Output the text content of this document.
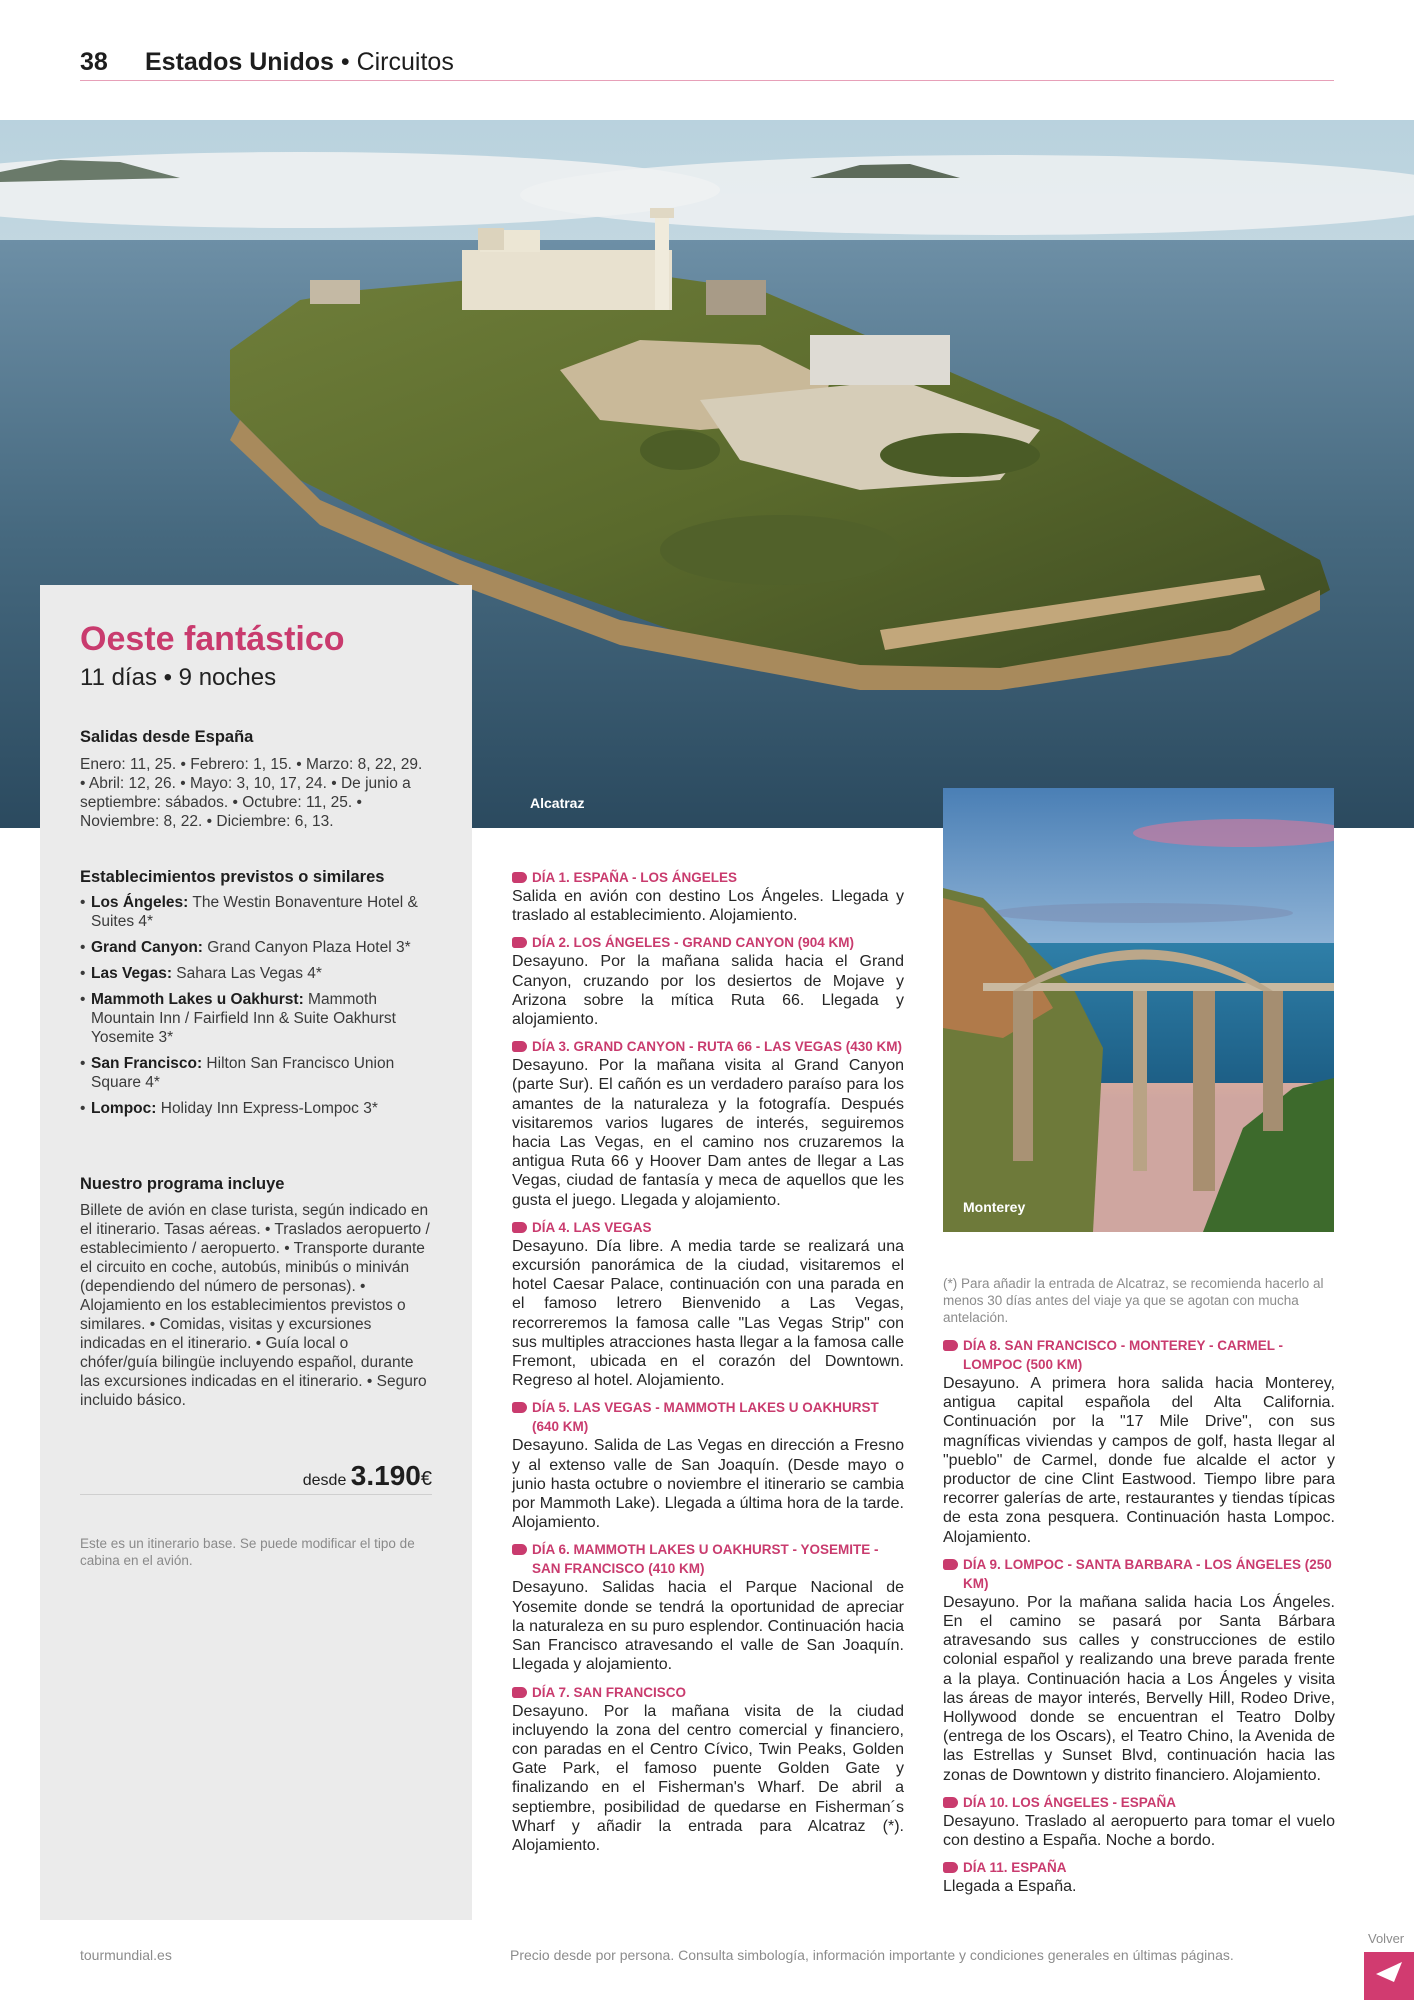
38 Estados Unidos • Circuitos
Alcatraz
Oeste fantástico
11 días • 9 noches
Salidas desde España
Enero: 11, 25. • Febrero: 1, 15. • Marzo: 8, 22, 29. • Abril: 12, 26. • Mayo: 3, 10, 17, 24. • De junio a septiembre: sábados. • Octubre: 11, 25. • Noviembre: 8, 22. • Diciembre: 6, 13.
Establecimientos previstos o similares
• Los Ángeles: The Westin Bonaventure Hotel & Suites 4*
• Grand Canyon: Grand Canyon Plaza Hotel 3*
• Las Vegas: Sahara Las Vegas 4*
• Mammoth Lakes u Oakhurst: Mammoth Mountain Inn / Fairfield Inn & Suite Oakhurst Yosemite 3*
• San Francisco: Hilton San Francisco Union Square 4*
• Lompoc: Holiday Inn Express-Lompoc 3*
Nuestro programa incluye
Billete de avión en clase turista, según indicado en el itinerario. Tasas aéreas. • Traslados aeropuerto / establecimiento / aeropuerto. • Transporte durante el circuito en coche, autobús, minibús o miniván (dependiendo del número de personas). • Alojamiento en los establecimientos previstos o similares. • Comidas, visitas y excursiones indicadas en el itinerario. • Guía local o chófer/guía bilingüe incluyendo español, durante las excursiones indicadas en el itinerario. • Seguro incluido básico.
desde 3.190€
Este es un itinerario base. Se puede modificar el tipo de cabina en el avión.
DÍA 1. ESPAÑA - LOS ÁNGELES
Salida en avión con destino Los Ángeles. Llegada y traslado al establecimiento. Alojamiento.
DÍA 2. LOS ÁNGELES - GRAND CANYON (904 KM)
Desayuno. Por la mañana salida hacia el Grand Canyon, cruzando por los desiertos de Mojave y Arizona sobre la mítica Ruta 66. Llegada y alojamiento.
DÍA 3. GRAND CANYON - RUTA 66 - LAS VEGAS (430 KM)
Desayuno. Por la mañana visita al Grand Canyon (parte Sur). El cañón es un verdadero paraíso para los amantes de la naturaleza y la fotografía. Después visitaremos varios lugares de interés, seguiremos hacia Las Vegas, en el camino nos cruzaremos la antigua Ruta 66 y Hoover Dam antes de llegar a Las Vegas, ciudad de fantasía y meca de aquellos que les gusta el juego. Llegada y alojamiento.
DÍA 4. LAS VEGAS
Desayuno. Día libre. A media tarde se realizará una excursión panorámica de la ciudad, visitaremos el hotel Caesar Palace, continuación con una parada en el famoso letrero Bienvenido a Las Vegas, recorreremos la famosa calle "Las Vegas Strip" con sus multiples atracciones hasta llegar a la famosa calle Fremont, ubicada en el corazón del Downtown. Regreso al hotel. Alojamiento.
DÍA 5. LAS VEGAS - MAMMOTH LAKES U OAKHURST (640 KM)
Desayuno. Salida de Las Vegas en dirección a Fresno y al extenso valle de San Joaquín. (Desde mayo o junio hasta octubre o noviembre el itinerario se cambia por Mammoth Lake). Llegada a última hora de la tarde. Alojamiento.
DÍA 6. MAMMOTH LAKES U OAKHURST - YOSEMITE - SAN FRANCISCO (410 KM)
Desayuno. Salidas hacia el Parque Nacional de Yosemite donde se tendrá la oportunidad de apreciar la naturaleza en su puro esplendor. Continuación hacia San Francisco atravesando el valle de San Joaquín. Llegada y alojamiento.
DÍA 7. SAN FRANCISCO
Desayuno. Por la mañana visita de la ciudad incluyendo la zona del centro comercial y financiero, con paradas en el Centro Cívico, Twin Peaks, Golden Gate Park, el famoso puente Golden Gate y finalizando en el Fisherman's Wharf. De abril a septiembre, posibilidad de quedarse en Fisherman´s Wharf y añadir la entrada para Alcatraz (*). Alojamiento.
Monterey
(*) Para añadir la entrada de Alcatraz, se recomienda hacerlo al menos 30 días antes del viaje ya que se agotan con mucha antelación.
DÍA 8. SAN FRANCISCO - MONTEREY - CARMEL - LOMPOC (500 KM)
Desayuno. A primera hora salida hacia Monterey, antigua capital española del Alta California. Continuación por la "17 Mile Drive", con sus magníficas viviendas y campos de golf, hasta llegar al "pueblo" de Carmel, donde fue alcalde el actor y productor de cine Clint Eastwood. Tiempo libre para recorrer galerías de arte, restaurantes y tiendas típicas de esta zona pesquera. Continuación hasta Lompoc. Alojamiento.
DÍA 9. LOMPOC - SANTA BARBARA - LOS ÁNGELES (250 KM)
Desayuno. Por la mañana salida hacia Los Ángeles. En el camino se pasará por Santa Bárbara atravesando sus calles y construcciones de estilo colonial español y realizando una breve parada frente a la playa. Continuación hacia a Los Ángeles y visita las áreas de mayor interés, Bervelly Hill, Rodeo Drive, Hollywood donde se encuentran el Teatro Dolby (entrega de los Oscars), el Teatro Chino, la Avenida de las Estrellas y Sunset Blvd, continuación hacia las zonas de Downtown y distrito financiero. Alojamiento.
DÍA 10. LOS ÁNGELES - ESPAÑA
Desayuno. Traslado al aeropuerto para tomar el vuelo con destino a España. Noche a bordo.
DÍA 11. ESPAÑA
Llegada a España.
tourmundial.es	Precio desde por persona. Consulta simbología, información importante y condiciones generales en últimas páginas.
Volver
